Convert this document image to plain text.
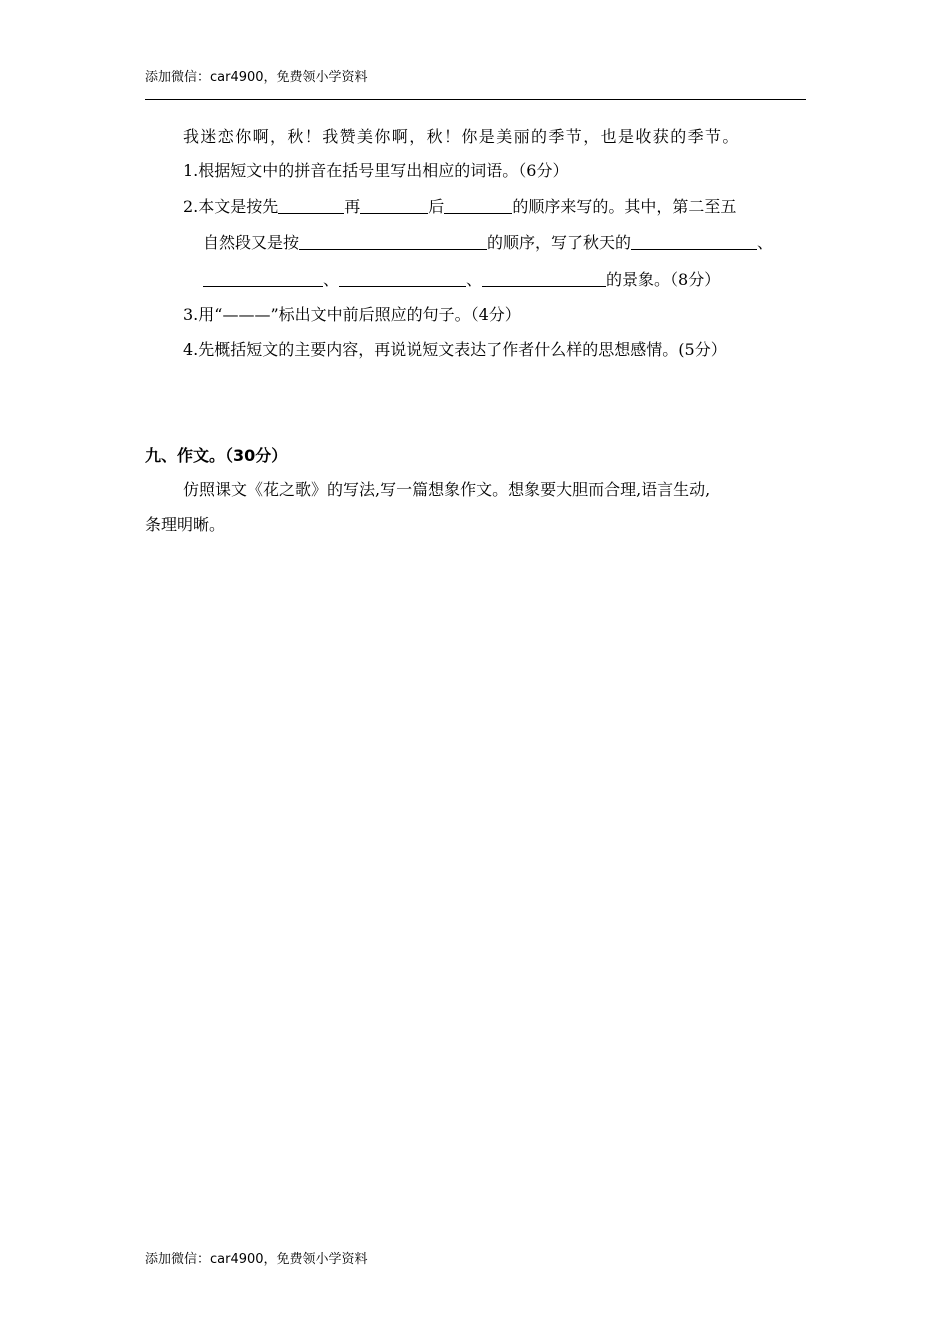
添加微信：car4900，免费领小学资料
我迷恋你啊，秋！我赞美你啊，秋！你是美丽的季节，也是收获的季节。
1.根据短文中的拼音在括号里写出相应的词语。（6分）
2.本文是按先	再	后	的顺序来写的。其中，第二至五
自然段又是按	的顺序，写了秋天的	、
、	、	的景象。（8分）
3.用“———”标出文中前后照应的句子。（4分）
4.先概括短文的主要内容，再说说短文表达了作者什么样的思想感情。(5分）
九、作文。（30分）
仿照课文《花之歌》的写法,写一篇想象作文。想象要大胆而合理,语言生动,
条理明晰。
添加微信：car4900，免费领小学资料
